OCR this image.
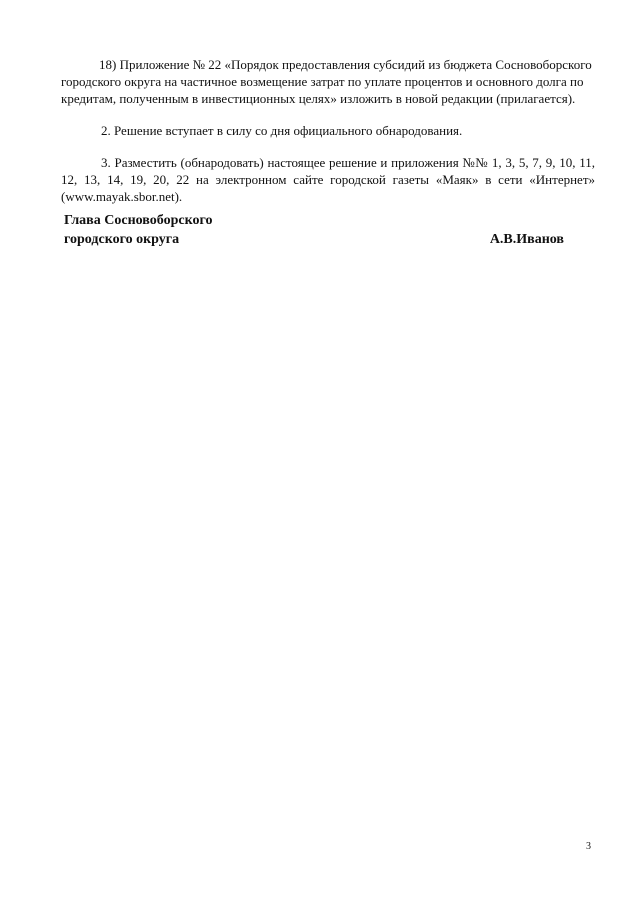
18) Приложение № 22 «Порядок предоставления субсидий из бюджета Сосновоборского
городского округа на частичное возмещение затрат по уплате процентов и основного долга по
кредитам, полученным в инвестиционных целях» изложить в новой редакции (прилагается).

2. Решение вступает в силу со дня официального обнародования.

3. Разместить (обнародовать) настоящее решение и приложения №№ 1, 3, 5, 7, 9, 10, 11,
12, 13, 14, 19, 20, 22 на электронном сайте городской газеты «Маяк» в сети «Интернет»
(www.mayak.sbor.net).

Глава Сосновоборского
городского округа	А.В.Иванов
3
